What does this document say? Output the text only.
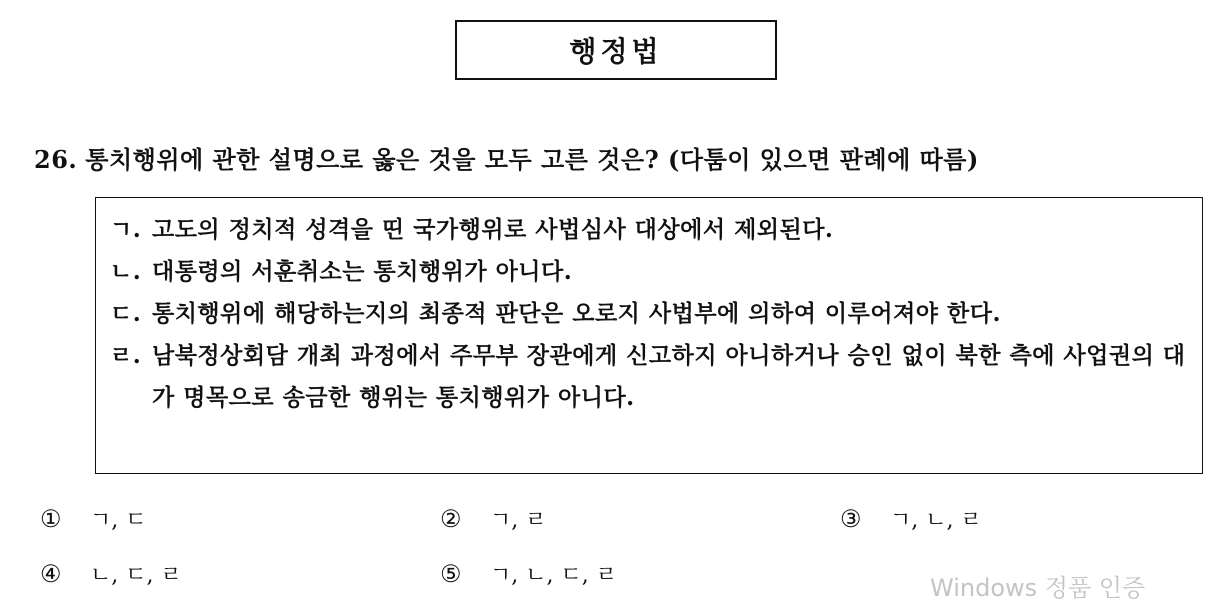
행정법
26. 통치행위에 관한 설명으로 옳은 것을 모두 고른 것은? (다툼이 있으면 판례에 따름)
ㄱ. 고도의 정치적 성격을 띤 국가행위로 사법심사 대상에서 제외된다.
ㄴ. 대통령의 서훈취소는 통치행위가 아니다.
ㄷ. 통치행위에 해당하는지의 최종적 판단은 오로지 사법부에 의하여 이루어져야 한다.
ㄹ. 남북정상회담 개최 과정에서 주무부 장관에게 신고하지 아니하거나 승인 없이 북한 측에 사업권의 대가 명목으로 송금한 행위는 통치행위가 아니다.
① ㄱ, ㄷ	② ㄱ, ㄹ	③ ㄱ, ㄴ, ㄹ
④ ㄴ, ㄷ, ㄹ	⑤ ㄱ, ㄴ, ㄷ, ㄹ	Windows 정품 인증
